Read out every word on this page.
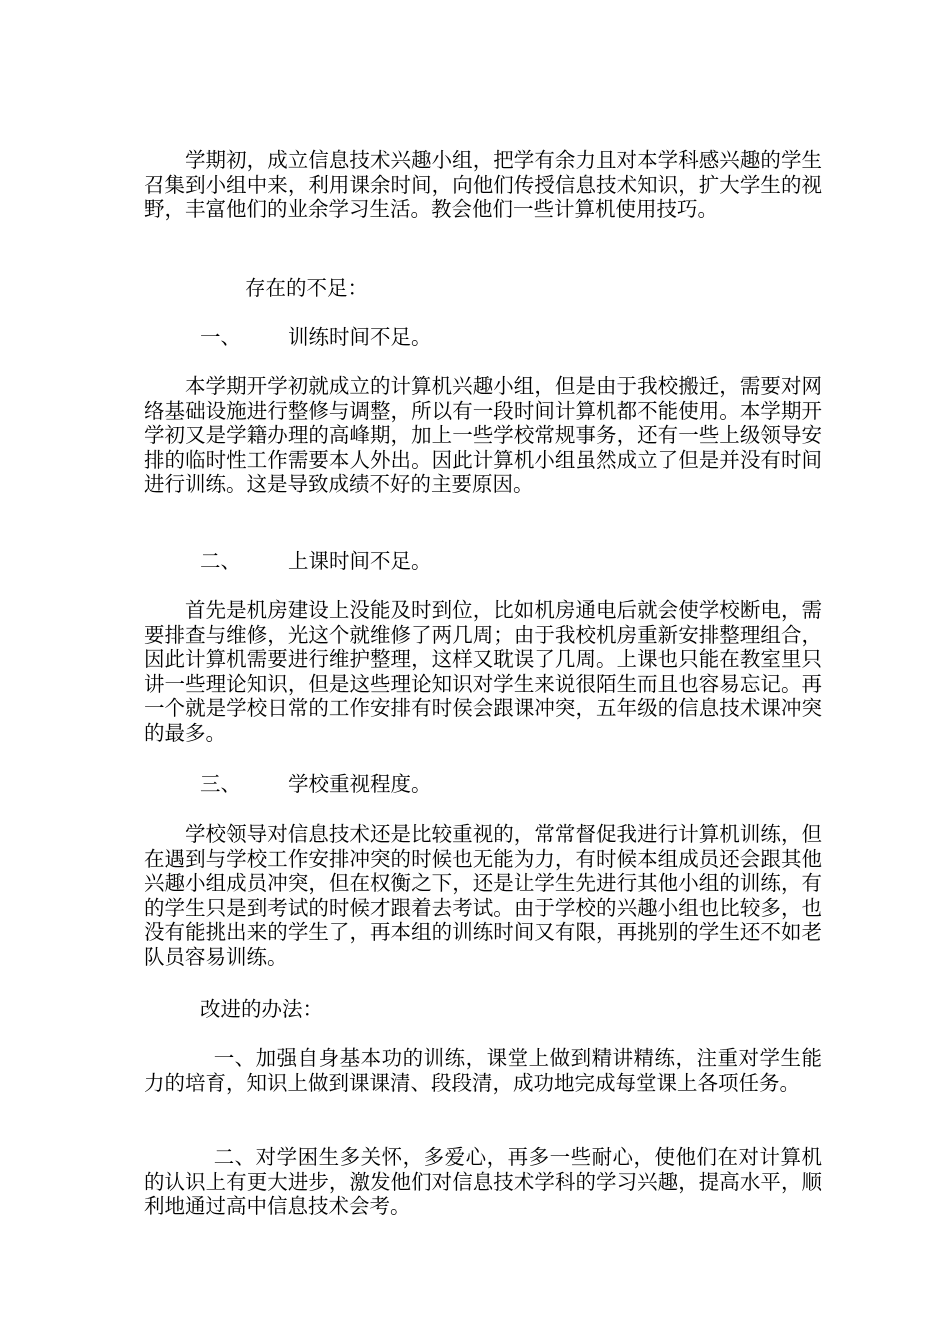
学期初，成立信息技术兴趣小组，把学有余力且对本学科感兴趣的学生召集到小组中来，利用课余时间，向他们传授信息技术知识，扩大学生的视野，丰富他们的业余学习生活。教会他们一些计算机使用技巧。

存在的不足：

一、 训练时间不足。

本学期开学初就成立的计算机兴趣小组，但是由于我校搬迁，需要对网络基础设施进行整修与调整，所以有一段时间计算机都不能使用。本学期开学初又是学籍办理的高峰期，加上一些学校常规事务，还有一些上级领导安排的临时性工作需要本人外出。因此计算机小组虽然成立了但是并没有时间进行训练。这是导致成绩不好的主要原因。

二、 上课时间不足。

首先是机房建设上没能及时到位，比如机房通电后就会使学校断电，需要排查与维修，光这个就维修了两几周；由于我校机房重新安排整理组合，因此计算机需要进行维护整理，这样又耽误了几周。上课也只能在教室里只讲一些理论知识，但是这些理论知识对学生来说很陌生而且也容易忘记。再一个就是学校日常的工作安排有时侯会跟课冲突，五年级的信息技术课冲突的最多。

三、 学校重视程度。

学校领导对信息技术还是比较重视的，常常督促我进行计算机训练，但在遇到与学校工作安排冲突的时候也无能为力，有时候本组成员还会跟其他兴趣小组成员冲突，但在权衡之下，还是让学生先进行其他小组的训练，有的学生只是到考试的时候才跟着去考试。由于学校的兴趣小组也比较多，也没有能挑出来的学生了，再本组的训练时间又有限，再挑别的学生还不如老队员容易训练。

改进的办法：

一、加强自身基本功的训练，课堂上做到精讲精练，注重对学生能力的培育，知识上做到课课清、段段清，成功地完成每堂课上各项任务。

二、对学困生多关怀，多爱心，再多一些耐心，使他们在对计算机的认识上有更大进步，激发他们对信息技术学科的学习兴趣，提高水平，顺利地通过高中信息技术会考。
